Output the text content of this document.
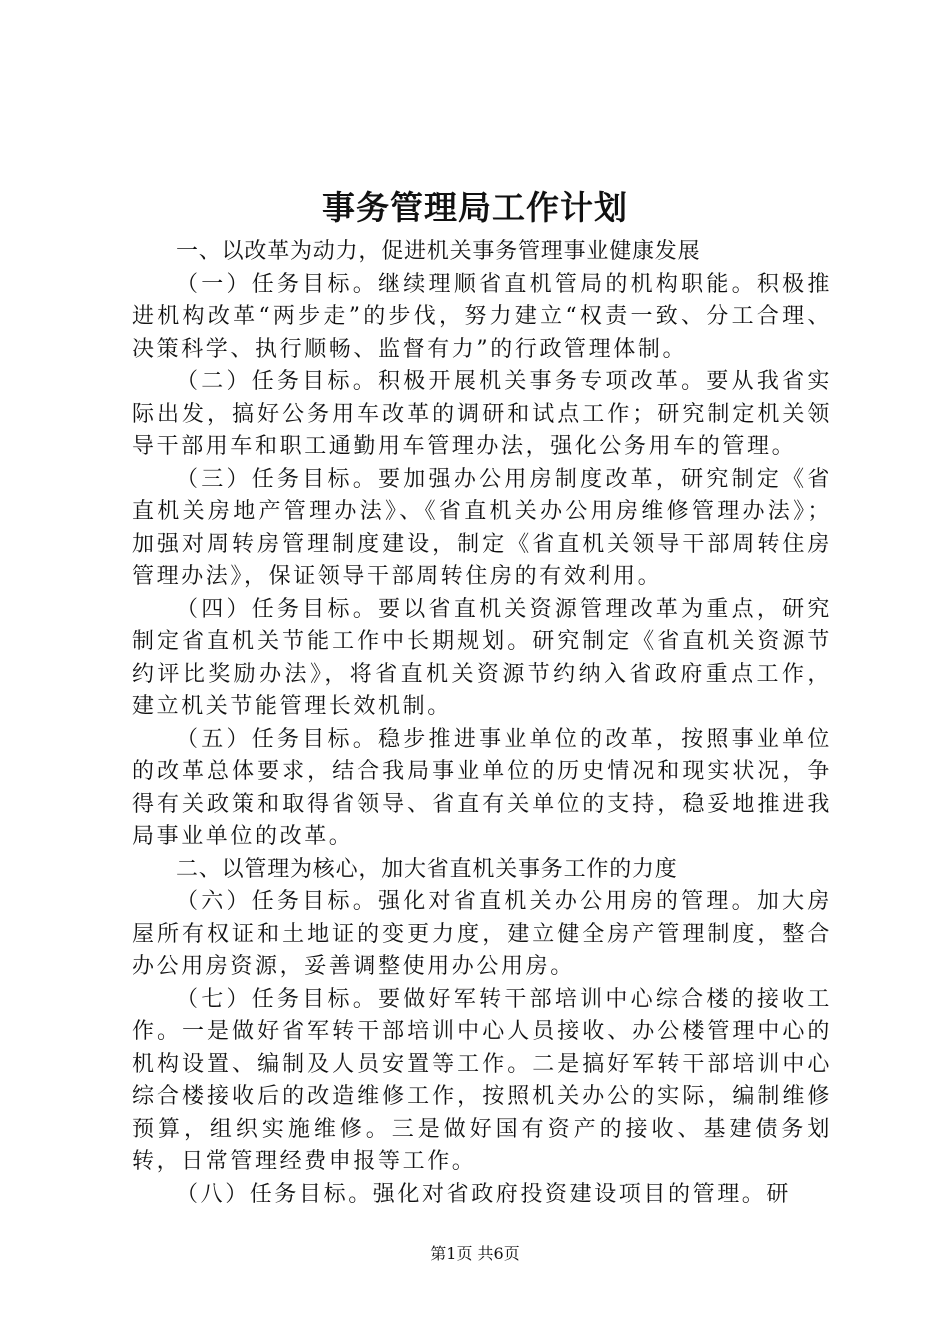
事务管理局工作计划

一、以改革为动力，促进机关事务管理事业健康发展

（一）任务目标。继续理顺省直机管局的机构职能。积极推进机构改革“两步走”的步伐，努力建立“权责一致、分工合理、决策科学、执行顺畅、监督有力”的行政管理体制。

（二）任务目标。积极开展机关事务专项改革。要从我省实际出发，搞好公务用车改革的调研和试点工作；研究制定机关领导干部用车和职工通勤用车管理办法，强化公务用车的管理。

（三）任务目标。要加强办公用房制度改革，研究制定《省直机关房地产管理办法》、《省直机关办公用房维修管理办法》；加强对周转房管理制度建设，制定《省直机关领导干部周转住房管理办法》，保证领导干部周转住房的有效利用。

（四）任务目标。要以省直机关资源管理改革为重点，研究制定省直机关节能工作中长期规划。研究制定《省直机关资源节约评比奖励办法》，将省直机关资源节约纳入省政府重点工作，建立机关节能管理长效机制。

（五）任务目标。稳步推进事业单位的改革，按照事业单位的改革总体要求，结合我局事业单位的历史情况和现实状况，争得有关政策和取得省领导、省直有关单位的支持，稳妥地推进我局事业单位的改革。

二、以管理为核心，加大省直机关事务工作的力度

（六）任务目标。强化对省直机关办公用房的管理。加大房屋所有权证和土地证的变更力度，建立健全房产管理制度，整合办公用房资源，妥善调整使用办公用房。

（七）任务目标。要做好军转干部培训中心综合楼的接收工作。一是做好省军转干部培训中心人员接收、办公楼管理中心的机构设置、编制及人员安置等工作。二是搞好军转干部培训中心综合楼接收后的改造维修工作，按照机关办公的实际，编制维修预算，组织实施维修。三是做好国有资产的接收、基建债务划转，日常管理经费申报等工作。

（八）任务目标。强化对省政府投资建设项目的管理。研

第1页 共6页
